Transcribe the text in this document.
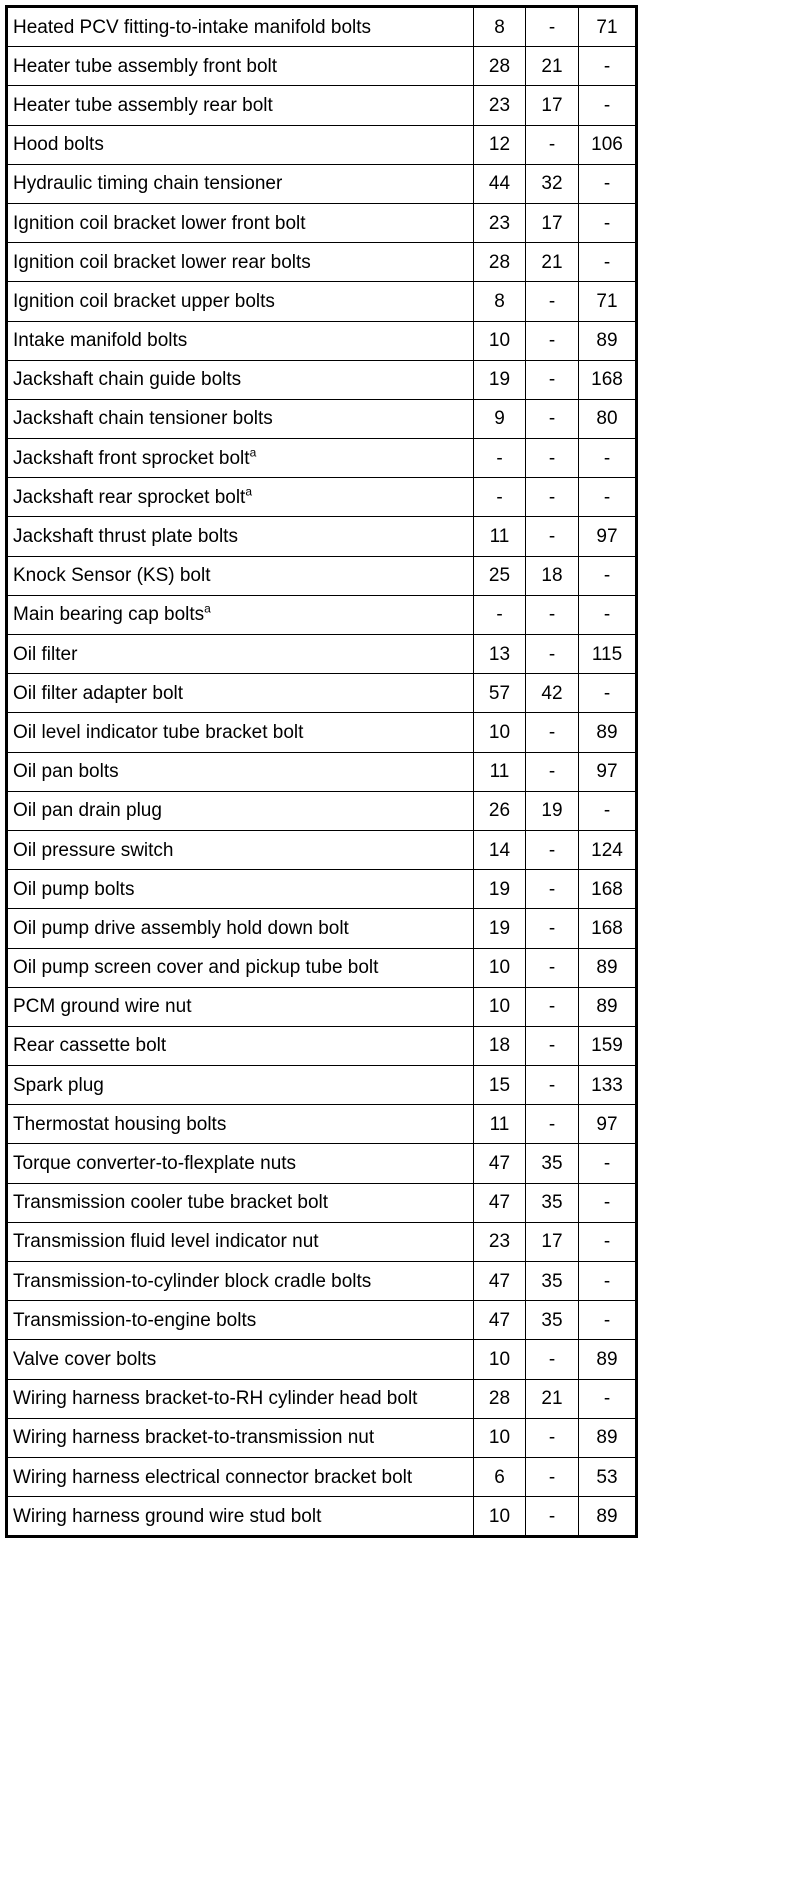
Heated PCV fitting-to-intake manifold bolts	8	-	71
Heater tube assembly front bolt	28	21	-
Heater tube assembly rear bolt	23	17	-
Hood bolts	12	-	106
Hydraulic timing chain tensioner	44	32	-
Ignition coil bracket lower front bolt	23	17	-
Ignition coil bracket lower rear bolts	28	21	-
Ignition coil bracket upper bolts	8	-	71
Intake manifold bolts	10	-	89
Jackshaft chain guide bolts	19	-	168
Jackshaft chain tensioner bolts	9	-	80
Jackshaft front sprocket bolt$^a$	-	-	-
Jackshaft rear sprocket bolt$^a$	-	-	-
Jackshaft thrust plate bolts	11	-	97
Knock Sensor (KS) bolt	25	18	-
Main bearing cap bolts$^a$	-	-	-
Oil filter	13	-	115
Oil filter adapter bolt	57	42	-
Oil level indicator tube bracket bolt	10	-	89
Oil pan bolts	11	-	97
Oil pan drain plug	26	19	-
Oil pressure switch	14	-	124
Oil pump bolts	19	-	168
Oil pump drive assembly hold down bolt	19	-	168
Oil pump screen cover and pickup tube bolt	10	-	89
PCM ground wire nut	10	-	89
Rear cassette bolt	18	-	159
Spark plug	15	-	133
Thermostat housing bolts	11	-	97
Torque converter-to-flexplate nuts	47	35	-
Transmission cooler tube bracket bolt	47	35	-
Transmission fluid level indicator nut	23	17	-
Transmission-to-cylinder block cradle bolts	47	35	-
Transmission-to-engine bolts	47	35	-
Valve cover bolts	10	-	89
Wiring harness bracket-to-RH cylinder head bolt	28	21	-
Wiring harness bracket-to-transmission nut	10	-	89
Wiring harness electrical connector bracket bolt	6	-	53
Wiring harness ground wire stud bolt	10	-	89
